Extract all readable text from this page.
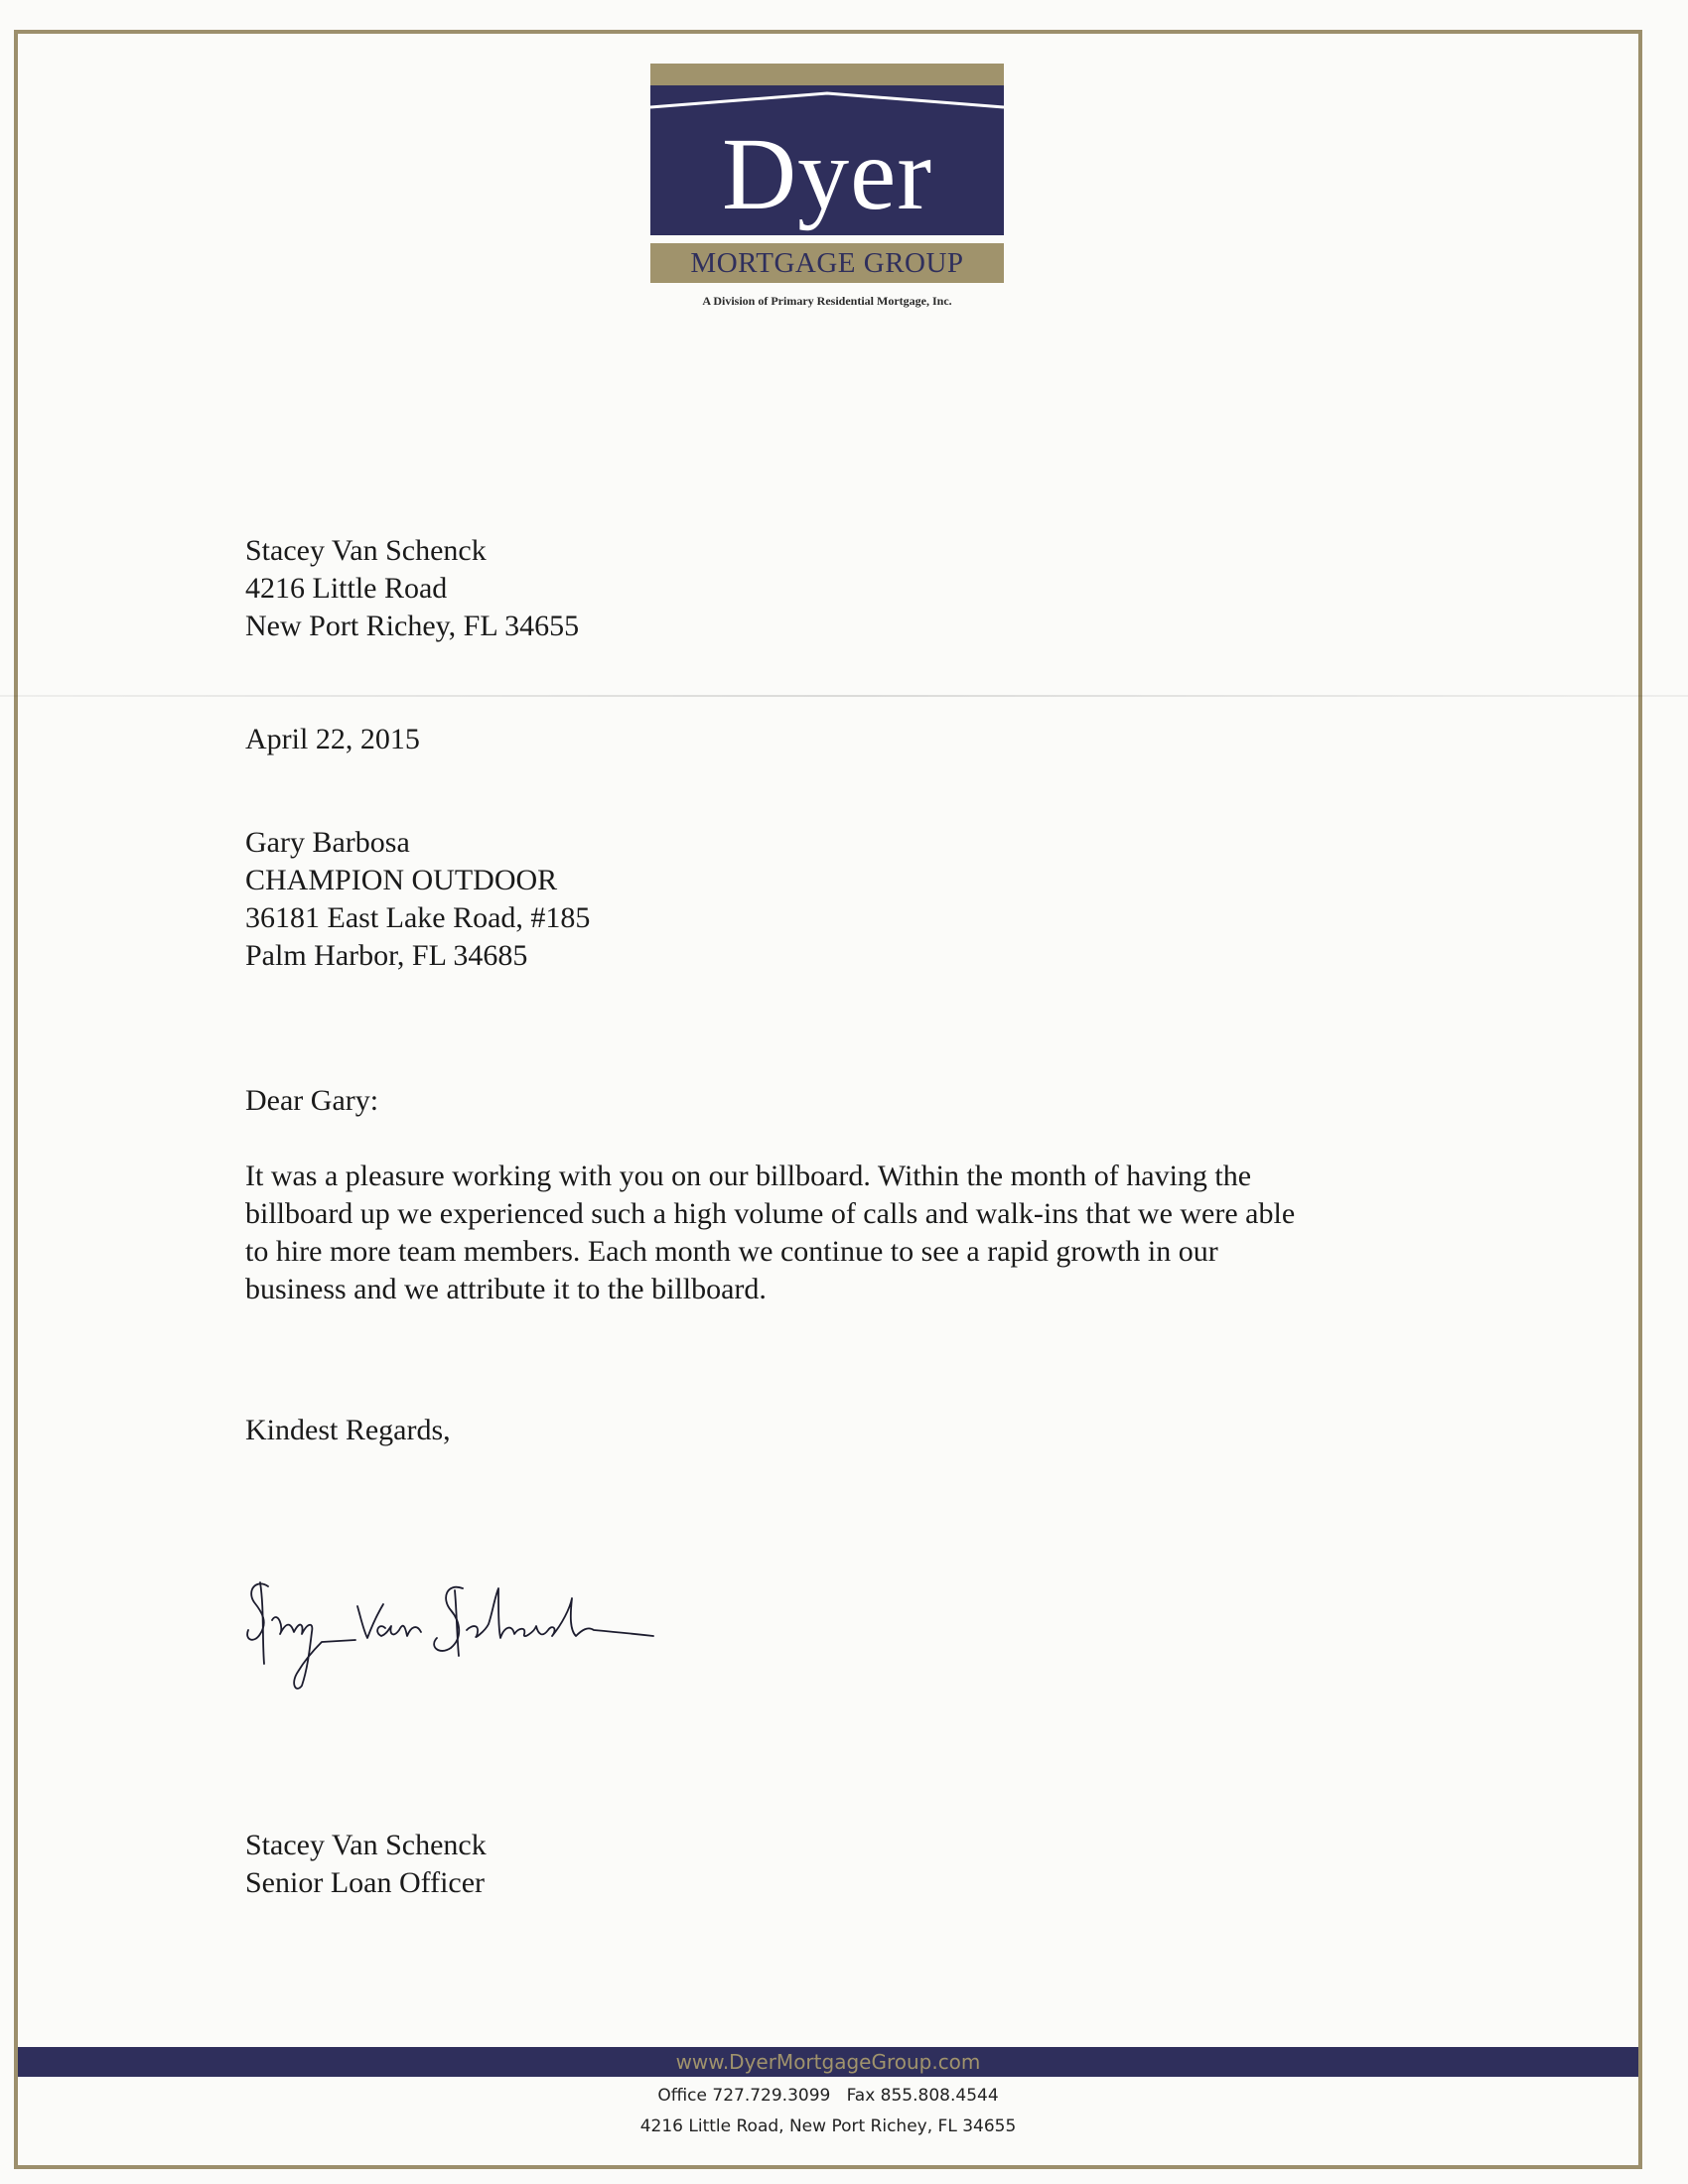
Dyer
MORTGAGE GROUP
A Division of Primary Residential Mortgage, Inc.
Stacey Van Schenck
4216 Little Road
New Port Richey, FL 34655
April 22, 2015
Gary Barbosa
CHAMPION OUTDOOR
36181 East Lake Road, #185
Palm Harbor, FL 34685
Dear Gary:
It was a pleasure working with you on our billboard. Within the month of having the
billboard up we experienced such a high volume of calls and walk-ins that we were able
to hire more team members. Each month we continue to see a rapid growth in our
business and we attribute it to the billboard.
Kindest Regards,
Stacey Van Schenck
Senior Loan Officer
www.DyerMortgageGroup.com
Office 727.729.3099 Fax 855.808.4544
4216 Little Road, New Port Richey, FL 34655
